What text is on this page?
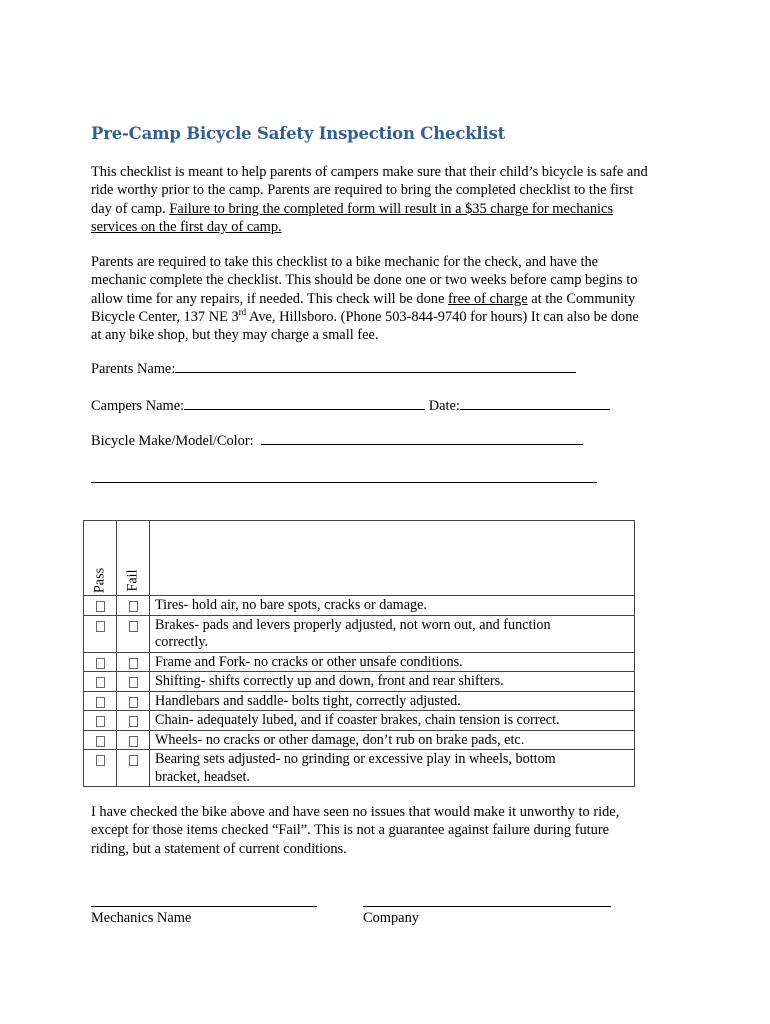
Pre-Camp Bicycle Safety Inspection Checklist
This checklist is meant to help parents of campers make sure that their child’s bicycle is safe and
ride worthy prior to the camp. Parents are required to bring the completed checklist to the first
day of camp. Failure to bring the completed form will result in a $35 charge for mechanics
services on the first day of camp.
Parents are required to take this checklist to a bike mechanic for the check, and have the
mechanic complete the checklist. This should be done one or two weeks before camp begins to
allow time for any repairs, if needed. This check will be done free of charge at the Community
Bicycle Center, 137 NE 3rd Ave, Hillsboro. (Phone 503-844-9740 for hours) It can also be done
at any bike shop, but they may charge a small fee.
Parents Name:
Campers Name:	Date:
Bicycle Make/Model/Color:
Pass	Fail	

		Tires- hold air, no bare spots, cracks or damage.

		Brakes- pads and levers properly adjusted, not worn out, and function
correctly.

		Frame and Fork- no cracks or other unsafe conditions.

		Shifting- shifts correctly up and down, front and rear shifters.

		Handlebars and saddle- bolts tight, correctly adjusted.

		Chain- adequately lubed, and if coaster brakes, chain tension is correct.

		Wheels- no cracks or other damage, don’t rub on brake pads, etc.

		Bearing sets adjusted- no grinding or excessive play in wheels, bottom
bracket, headset.
I have checked the bike above and have seen no issues that would make it unworthy to ride,
except for those items checked “Fail”. This is not a guarantee against failure during future
riding, but a statement of current conditions.
Mechanics Name	Company
